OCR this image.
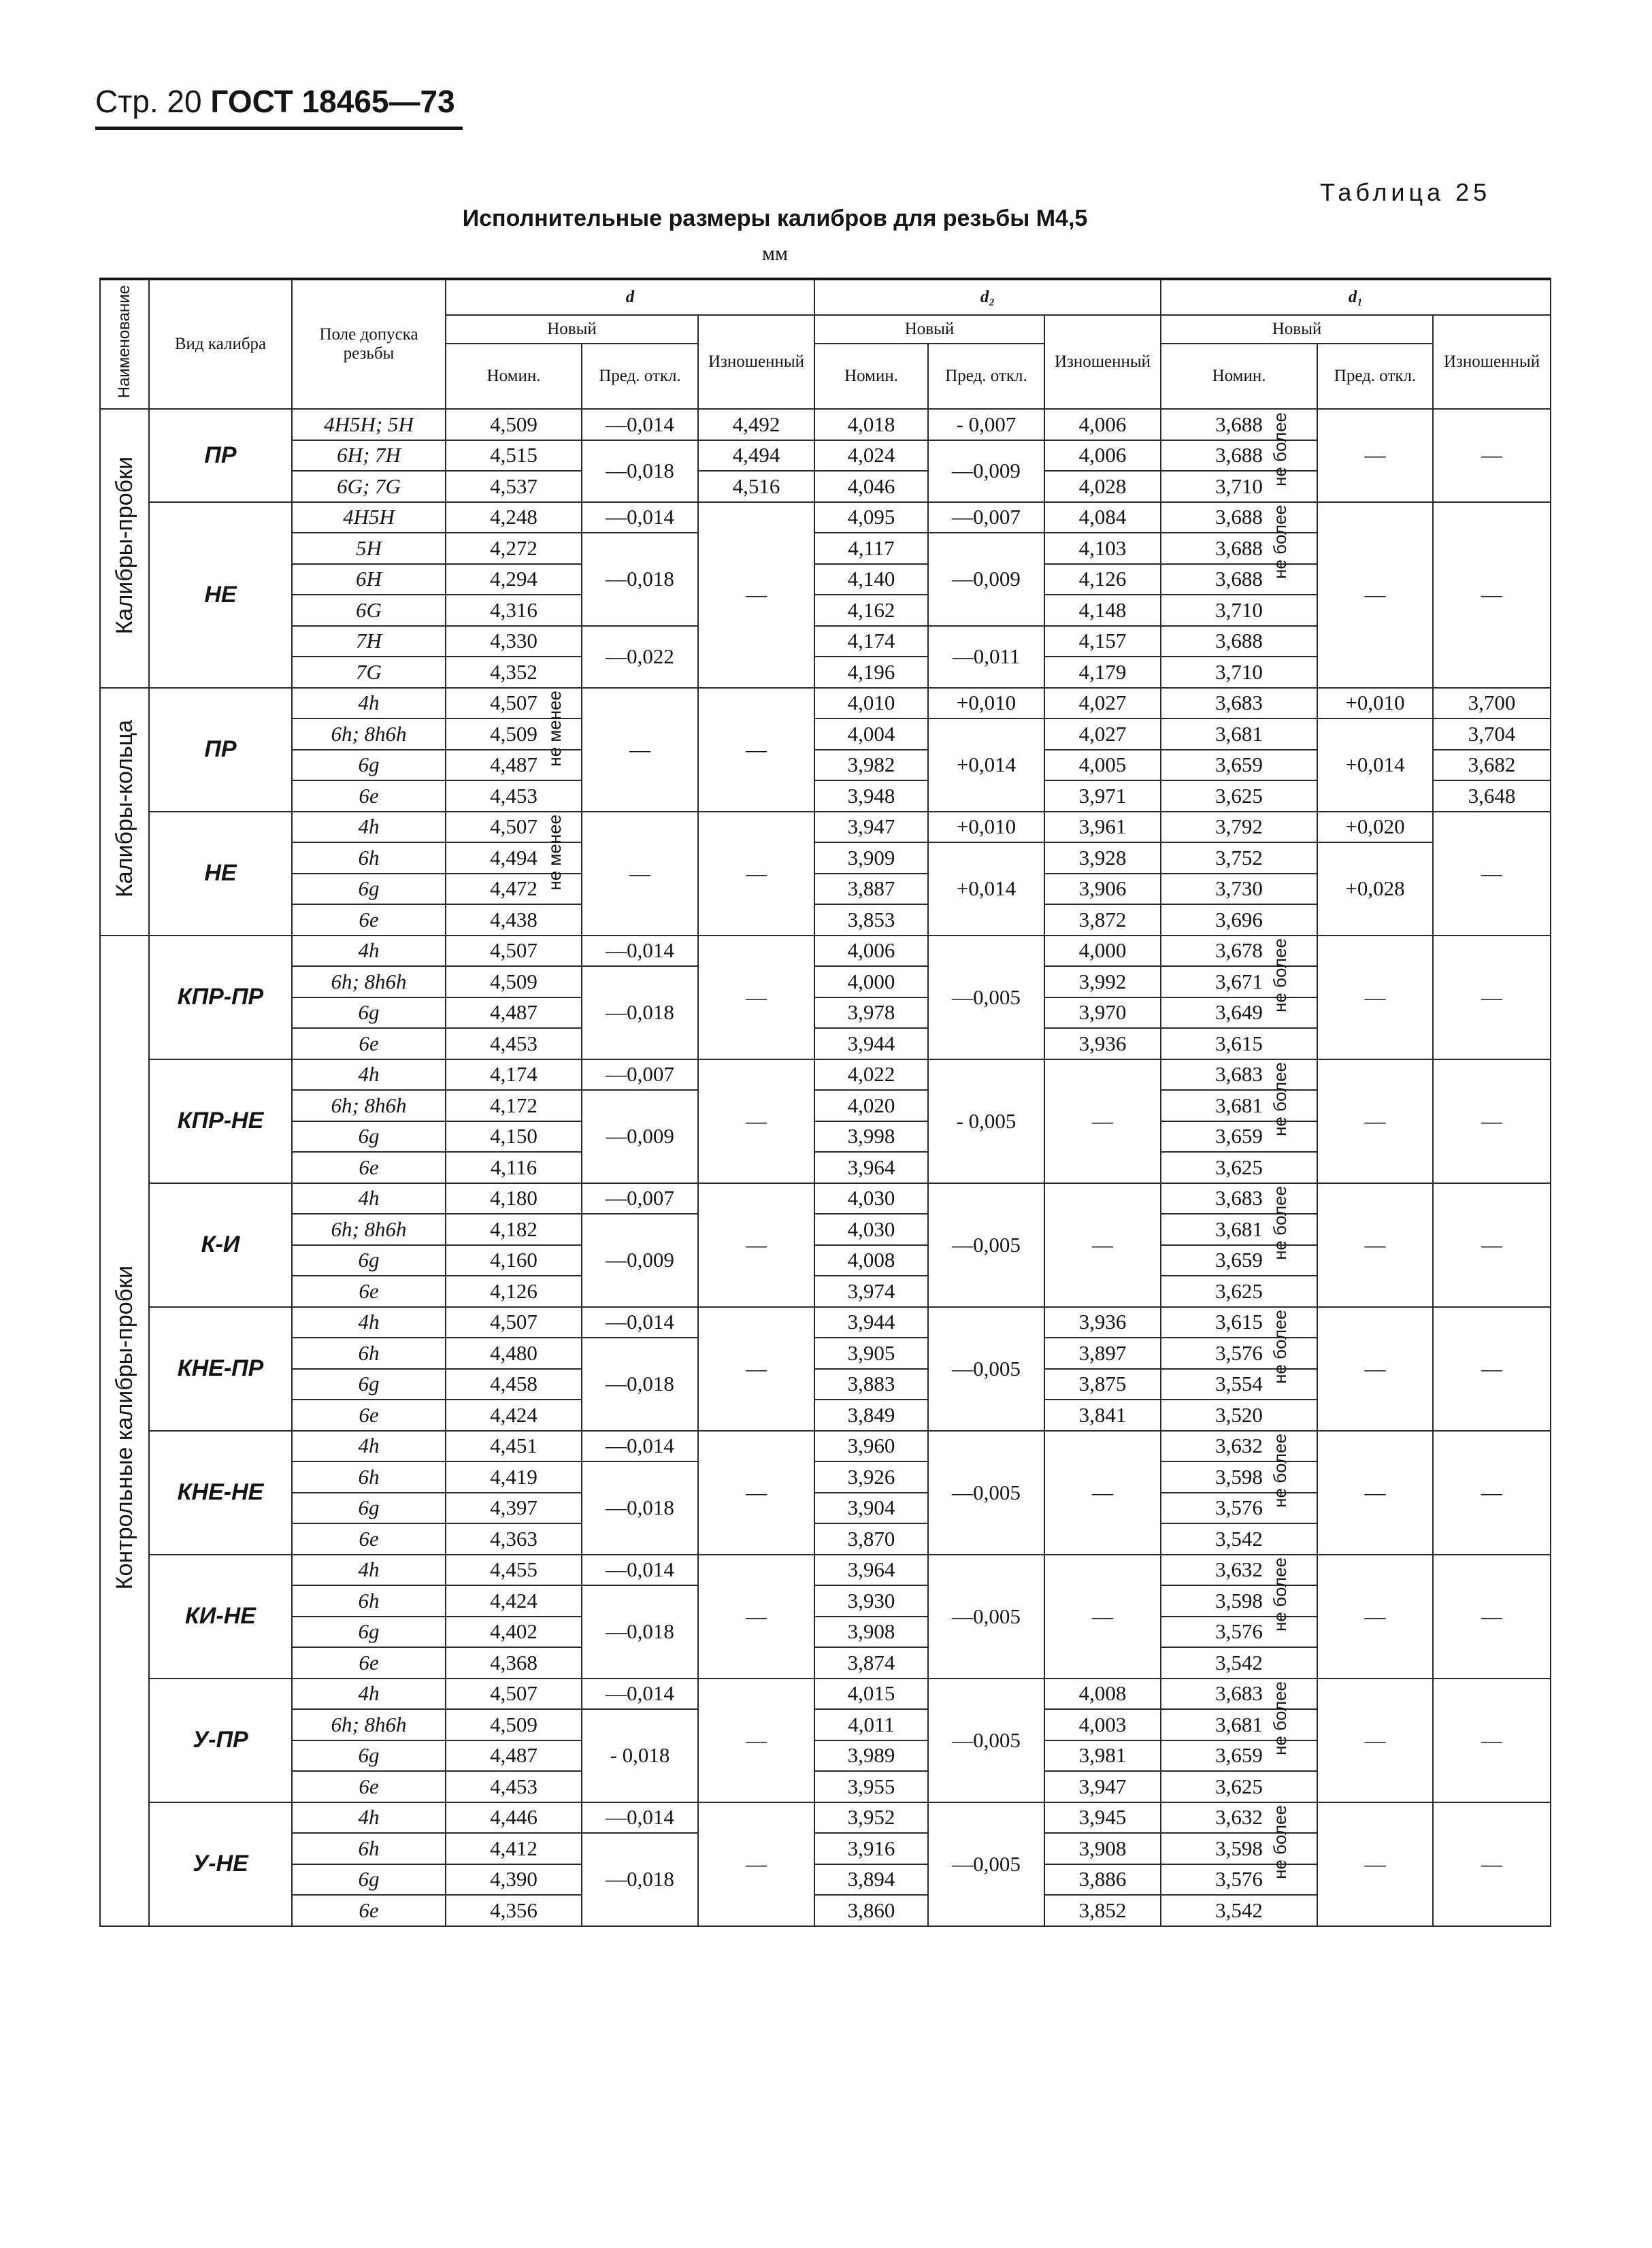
Стр. 20 ГОСТ 18465—73
Таблица 25
Исполнительные размеры калибров для резьбы М4,5
мм
Наименование	Вид калибра	Поле допуска резьбы	d			d₂			d₁		
			Новый		Изношенный	Новый		Изношенный	Новый		Изношенный
			Номин.	Пред. откл.		Номин.	Пред. откл.		Номин.	Пред. откл.	
Калибры-пробки	ПР	4H5H; 5H	4,509	—0,014	4,492	4,018	- 0,007	4,006	3,688 не более	—	—
		6H; 7H	4,515	—0,018	4,494	4,024	—0,009	4,006	3,688		
		6G; 7G	4,537		4,516	4,046		4,028	3,710		
	НЕ	4H5H	4,248	—0,014	—	4,095	—0,007	4,084	3,688 не более	—	—
		5H	4,272	—0,018		4,117	—0,009	4,103	3,688		
		6H	4,294			4,140		4,126	3,688		
		6G	4,316			4,162		4,148	3,710		
		7H	4,330	—0,022		4,174	—0,011	4,157	3,688		
		7G	4,352			4,196		4,179	3,710		
Калибры-кольца	ПР	4h	4,507 не менее	—	—	4,010	+0,010	4,027	3,683	+0,010	3,700
		6h; 8h6h	4,509			4,004	+0,014	4,027	3,681	+0,014	3,704
		6g	4,487			3,982		4,005	3,659		3,682
		6e	4,453			3,948		3,971	3,625		3,648
	НЕ	4h	4,507 не менее	—	—	3,947	+0,010	3,961	3,792	+0,020	—
		6h	4,494			3,909	+0,014	3,928	3,752	+0,028	
		6g	4,472			3,887		3,906	3,730		
		6e	4,438			3,853		3,872	3,696		
Контрольные калибры-пробки	КПР-ПР	4h	4,507	—0,014	—	4,006	—0,005	4,000	3,678 не более	—	—
		6h; 8h6h	4,509	—0,018		4,000		3,992	3,671		
		6g	4,487			3,978		3,970	3,649		
		6e	4,453			3,944		3,936	3,615		
	КПР-НЕ	4h	4,174	—0,007	—	4,022	- 0,005	—	3,683 не более	—	—
		6h; 8h6h	4,172	—0,009		4,020			3,681		
		6g	4,150			3,998			3,659		
		6e	4,116			3,964			3,625		
	К-И	4h	4,180	—0,007	—	4,030	—0,005	—	3,683 не более	—	—
		6h; 8h6h	4,182	—0,009		4,030			3,681		
		6g	4,160			4,008			3,659		
		6e	4,126			3,974			3,625		
	КНЕ-ПР	4h	4,507	—0,014	—	3,944	—0,005	3,936	3,615 не более	—	—
		6h	4,480	—0,018		3,905		3,897	3,576		
		6g	4,458			3,883		3,875	3,554		
		6e	4,424			3,849		3,841	3,520		
	КНЕ-НЕ	4h	4,451	—0,014	—	3,960	—0,005	—	3,632 не более	—	—
		6h	4,419	—0,018		3,926			3,598		
		6g	4,397			3,904			3,576		
		6e	4,363			3,870			3,542		
	КИ-НЕ	4h	4,455	—0,014	—	3,964	—0,005	—	3,632 не более	—	—
		6h	4,424	—0,018		3,930			3,598		
		6g	4,402			3,908			3,576		
		6e	4,368			3,874			3,542		
	У-ПР	4h	4,507	—0,014	—	4,015	—0,005	4,008	3,683 не более	—	—
		6h; 8h6h	4,509	- 0,018		4,011		4,003	3,681		
		6g	4,487			3,989		3,981	3,659		
		6e	4,453			3,955		3,947	3,625		
	У-НЕ	4h	4,446	—0,014	—	3,952	—0,005	3,945	3,632 не более	—	—
		6h	4,412	—0,018		3,916		3,908	3,598		
		6g	4,390			3,894		3,886	3,576		
		6e	4,356			3,860		3,852	3,542		
